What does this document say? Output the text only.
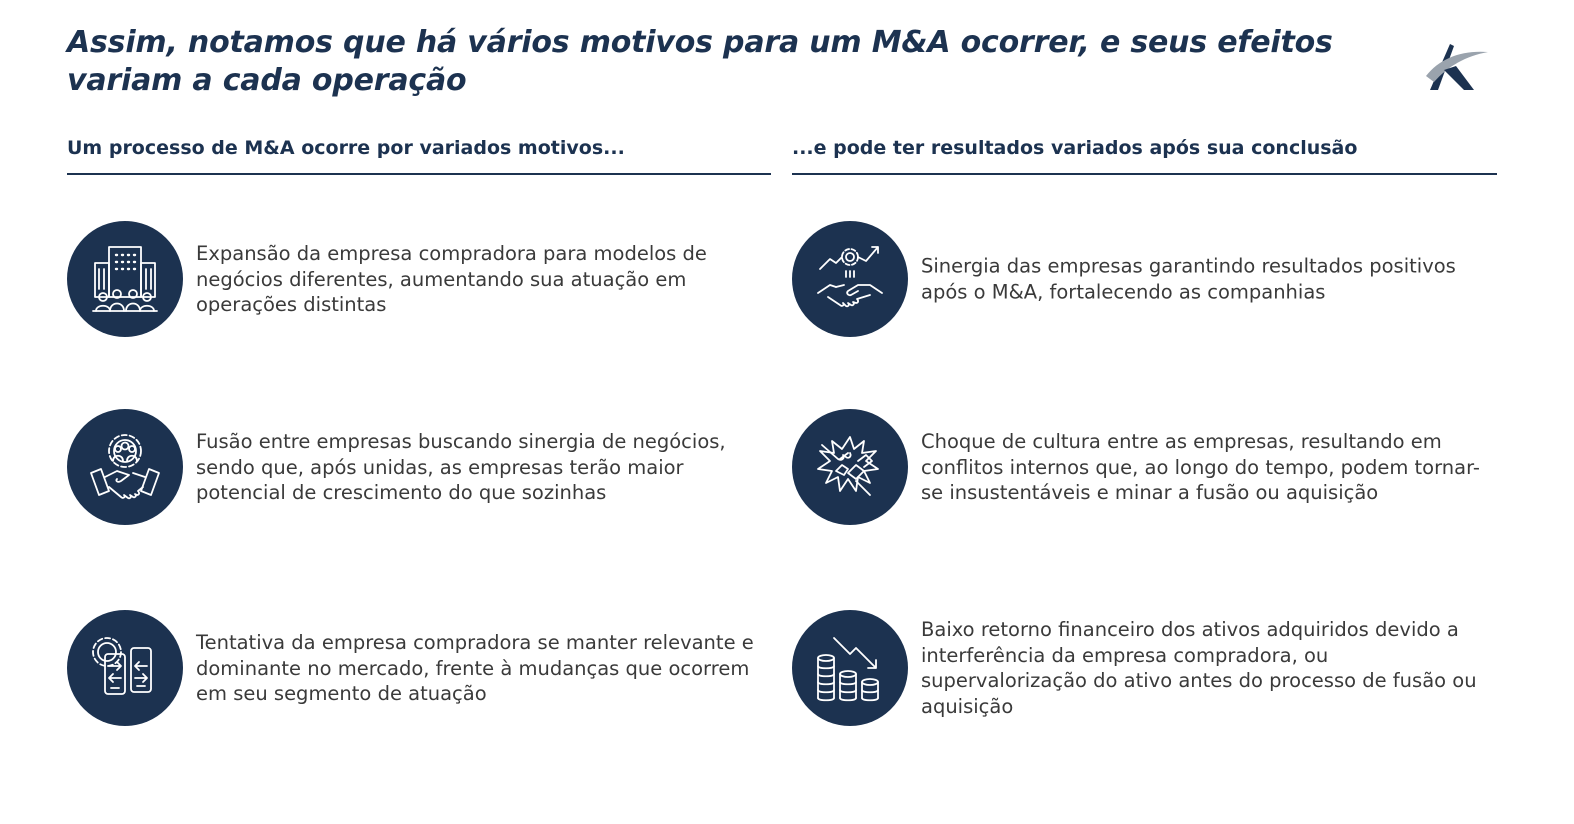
Assim, notamos que há vários motivos para um M&A ocorrer, e seus efeitos variam a cada operação
Um processo de M&A ocorre por variados motivos...

Expansão da empresa compradora para modelos de negócios diferentes, aumentando sua atuação em operações distintas

Fusão entre empresas buscando sinergia de negócios, sendo que, após unidas, as empresas terão maior potencial de crescimento do que sozinhas

Tentativa da empresa compradora se manter relevante e dominante no mercado, frente à mudanças que ocorrem em seu segmento de atuação

...e pode ter resultados variados após sua conclusão

Sinergia das empresas garantindo resultados positivos após o M&A, fortalecendo as companhias

Choque de cultura entre as empresas, resultando em conflitos internos que, ao longo do tempo, podem tornar-se insustentáveis e minar a fusão ou aquisição

Baixo retorno financeiro dos ativos adquiridos devido a interferência da empresa compradora, ou supervalorização do ativo antes do processo de fusão ou aquisição
